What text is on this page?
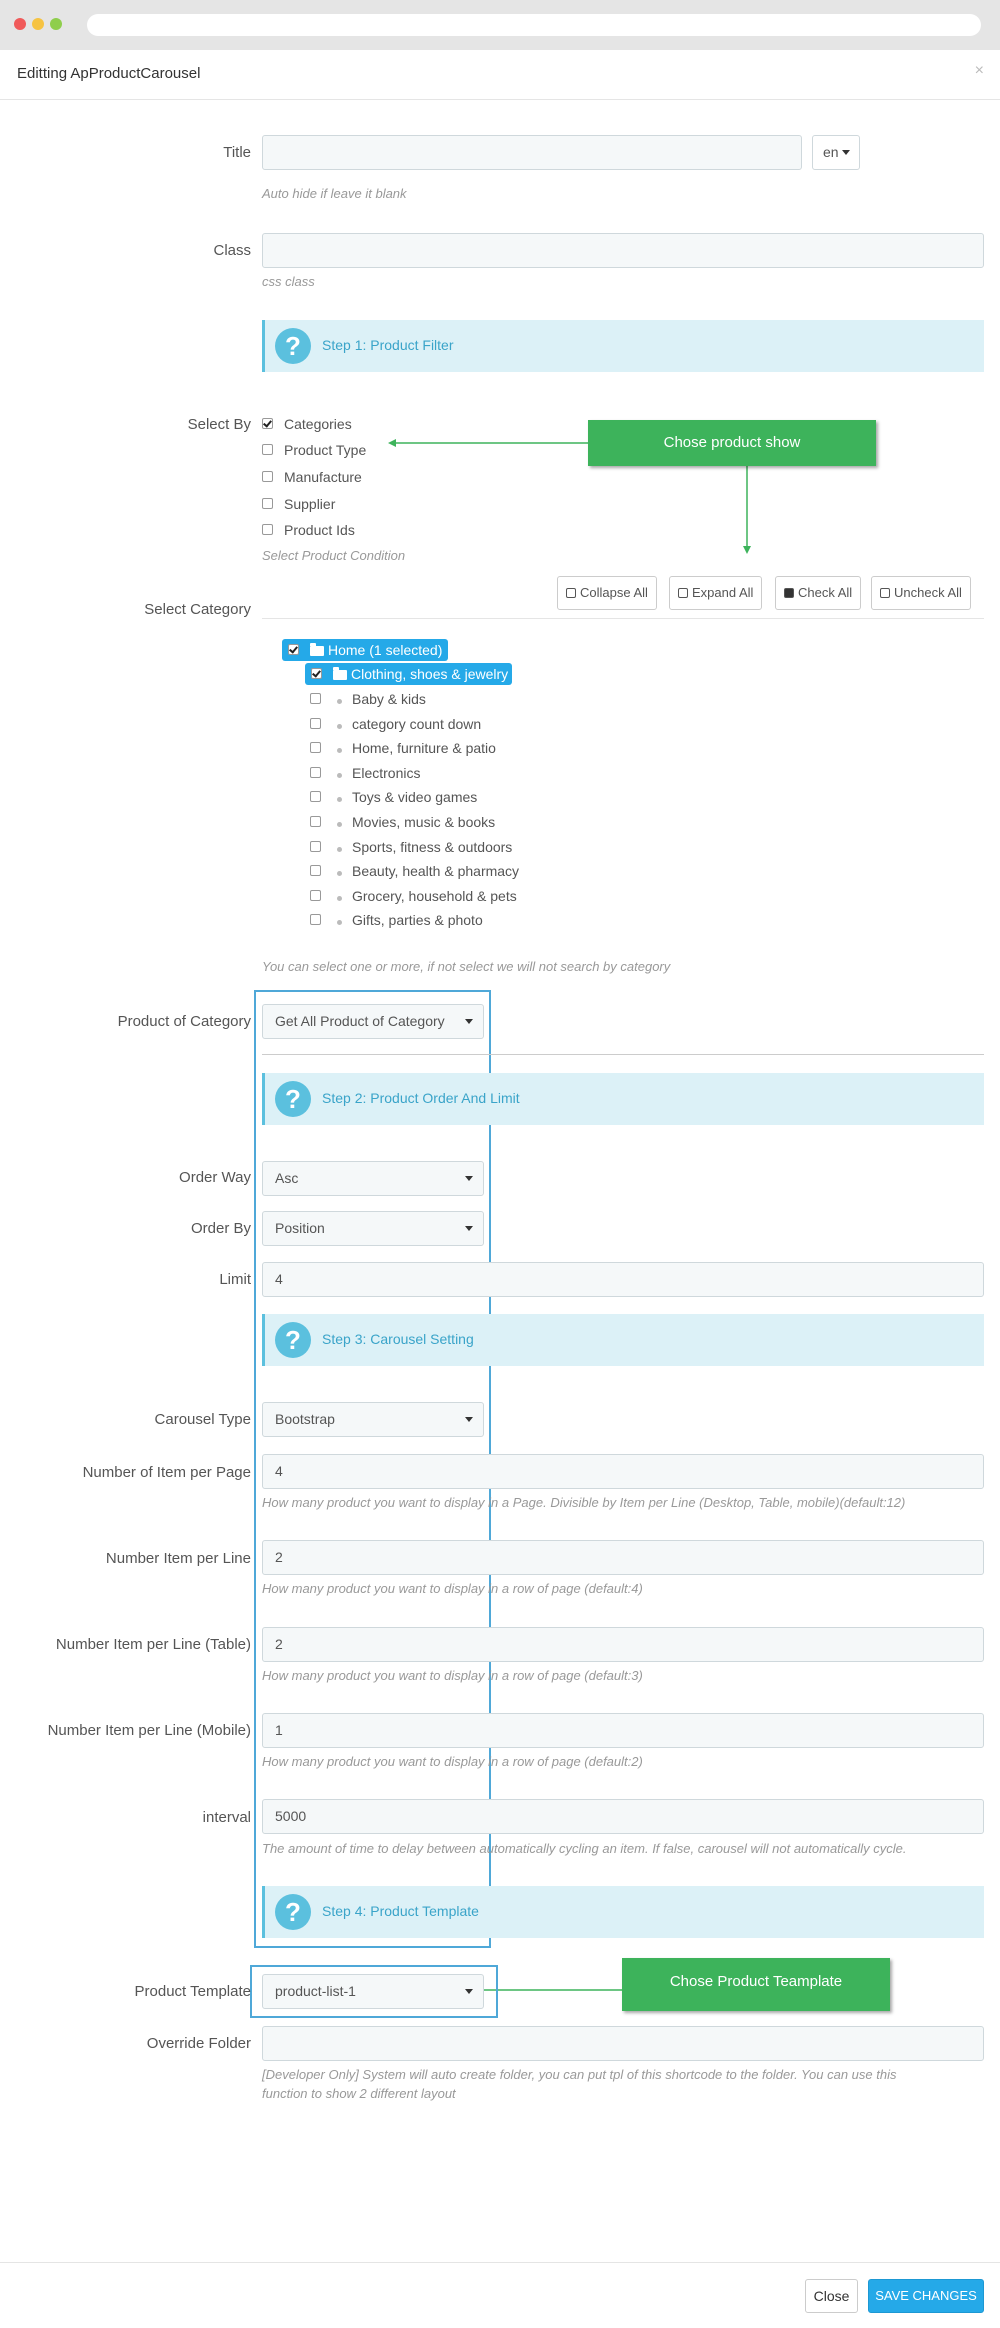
Editting ApProductCarousel	×
Title	en
Auto hide if leave it blank
Class
css class
?	Step 1: Product Filter
Select By Categories
Product Type
Manufacture
Supplier
Product Ids
Select Product Condition
Chose product show
Select Category
Collapse All	Expand All	Check All	Uncheck All
Home (1 selected)
Clothing, shoes & jewelry
Baby & kids
category count down
Home, furniture & patio
Electronics
Toys & video games
Movies, music & books
Sports, fitness & outdoors
Beauty, health & pharmacy
Grocery, household & pets
Gifts, parties & photo
You can select one or more, if not select we will not search by category
Product of Category	Get All Product of Category
?	Step 2: Product Order And Limit
Order Way	Asc
Order By	Position
Limit	4
?	Step 3: Carousel Setting
Carousel Type	Bootstrap
Number of Item per Page	4
How many product you want to display in a Page. Divisible by Item per Line (Desktop, Table, mobile)(default:12)
Number Item per Line	2
How many product you want to display in a row of page (default:4)
Number Item per Line (Table)	2
How many product you want to display in a row of page (default:3)
Number Item per Line (Mobile)	1
How many product you want to display in a row of page (default:2)
interval	5000
The amount of time to delay between automatically cycling an item. If false, carousel will not automatically cycle.
?	Step 4: Product Template
Product Template	product-list-1
Chose Product Teamplate
Override Folder
[Developer Only] System will auto create folder, you can put tpl of this shortcode to the folder. You can use this
function to show 2 different layout
Close	SAVE CHANGES
